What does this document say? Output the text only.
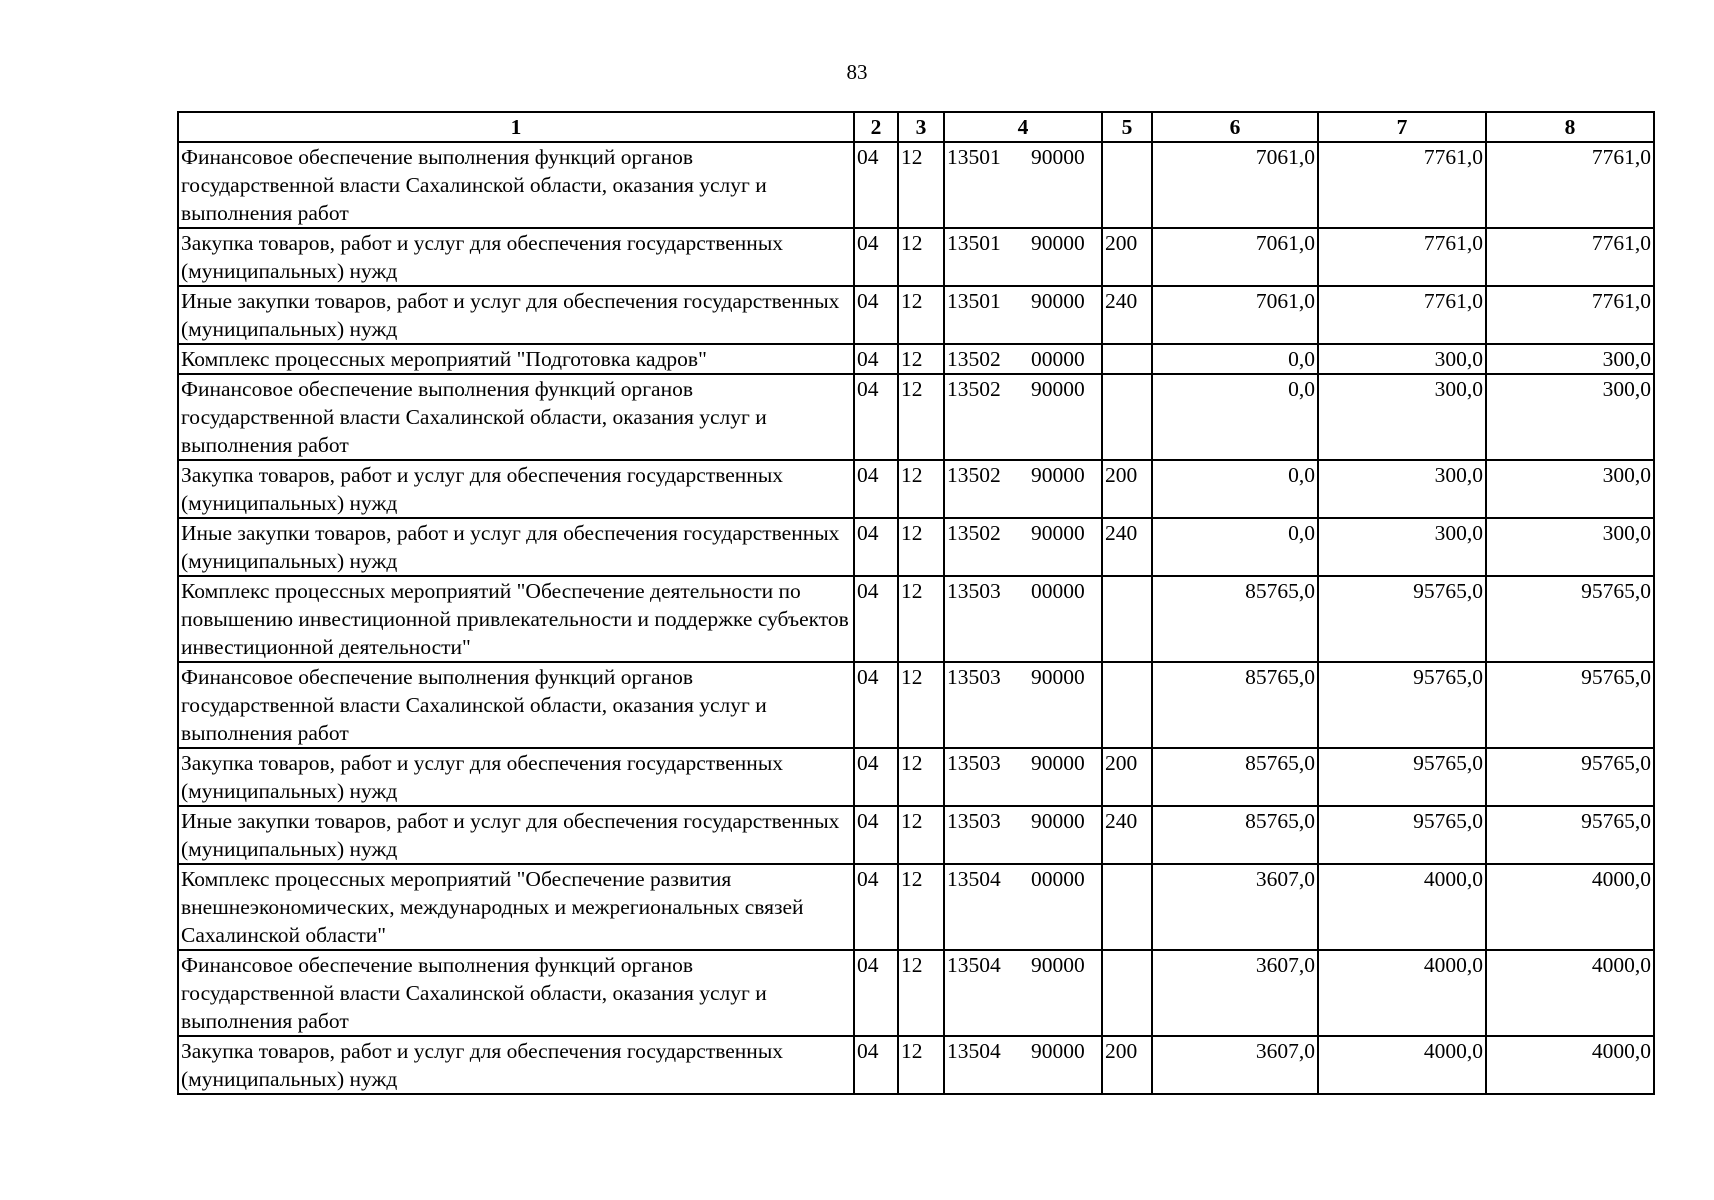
83
1	2	3	4	5	6	7	8
Финансовое обеспечение выполнения функций органов государственной власти Сахалинской области, оказания услуг и выполнения работ	04	12	13501 90000		7061,0	7761,0	7761,0
Закупка товаров, работ и услуг для обеспечения государственных (муниципальных) нужд	04	12	13501 90000	200	7061,0	7761,0	7761,0
Иные закупки товаров, работ и услуг для обеспечения государственных (муниципальных) нужд	04	12	13501 90000	240	7061,0	7761,0	7761,0
Комплекс процессных мероприятий "Подготовка кадров"	04	12	13502 00000		0,0	300,0	300,0
Финансовое обеспечение выполнения функций органов государственной власти Сахалинской области, оказания услуг и выполнения работ	04	12	13502 90000		0,0	300,0	300,0
Закупка товаров, работ и услуг для обеспечения государственных (муниципальных) нужд	04	12	13502 90000	200	0,0	300,0	300,0
Иные закупки товаров, работ и услуг для обеспечения государственных (муниципальных) нужд	04	12	13502 90000	240	0,0	300,0	300,0
Комплекс процессных мероприятий "Обеспечение деятельности по повышению инвестиционной привлекательности и поддержке субъектов инвестиционной деятельности"	04	12	13503 00000		85765,0	95765,0	95765,0
Финансовое обеспечение выполнения функций органов государственной власти Сахалинской области, оказания услуг и выполнения работ	04	12	13503 90000		85765,0	95765,0	95765,0
Закупка товаров, работ и услуг для обеспечения государственных (муниципальных) нужд	04	12	13503 90000	200	85765,0	95765,0	95765,0
Иные закупки товаров, работ и услуг для обеспечения государственных (муниципальных) нужд	04	12	13503 90000	240	85765,0	95765,0	95765,0
Комплекс процессных мероприятий "Обеспечение развития внешнеэкономических, международных и межрегиональных связей Сахалинской области"	04	12	13504 00000		3607,0	4000,0	4000,0
Финансовое обеспечение выполнения функций органов государственной власти Сахалинской области, оказания услуг и выполнения работ	04	12	13504 90000		3607,0	4000,0	4000,0
Закупка товаров, работ и услуг для обеспечения государственных (муниципальных) нужд	04	12	13504 90000	200	3607,0	4000,0	4000,0
